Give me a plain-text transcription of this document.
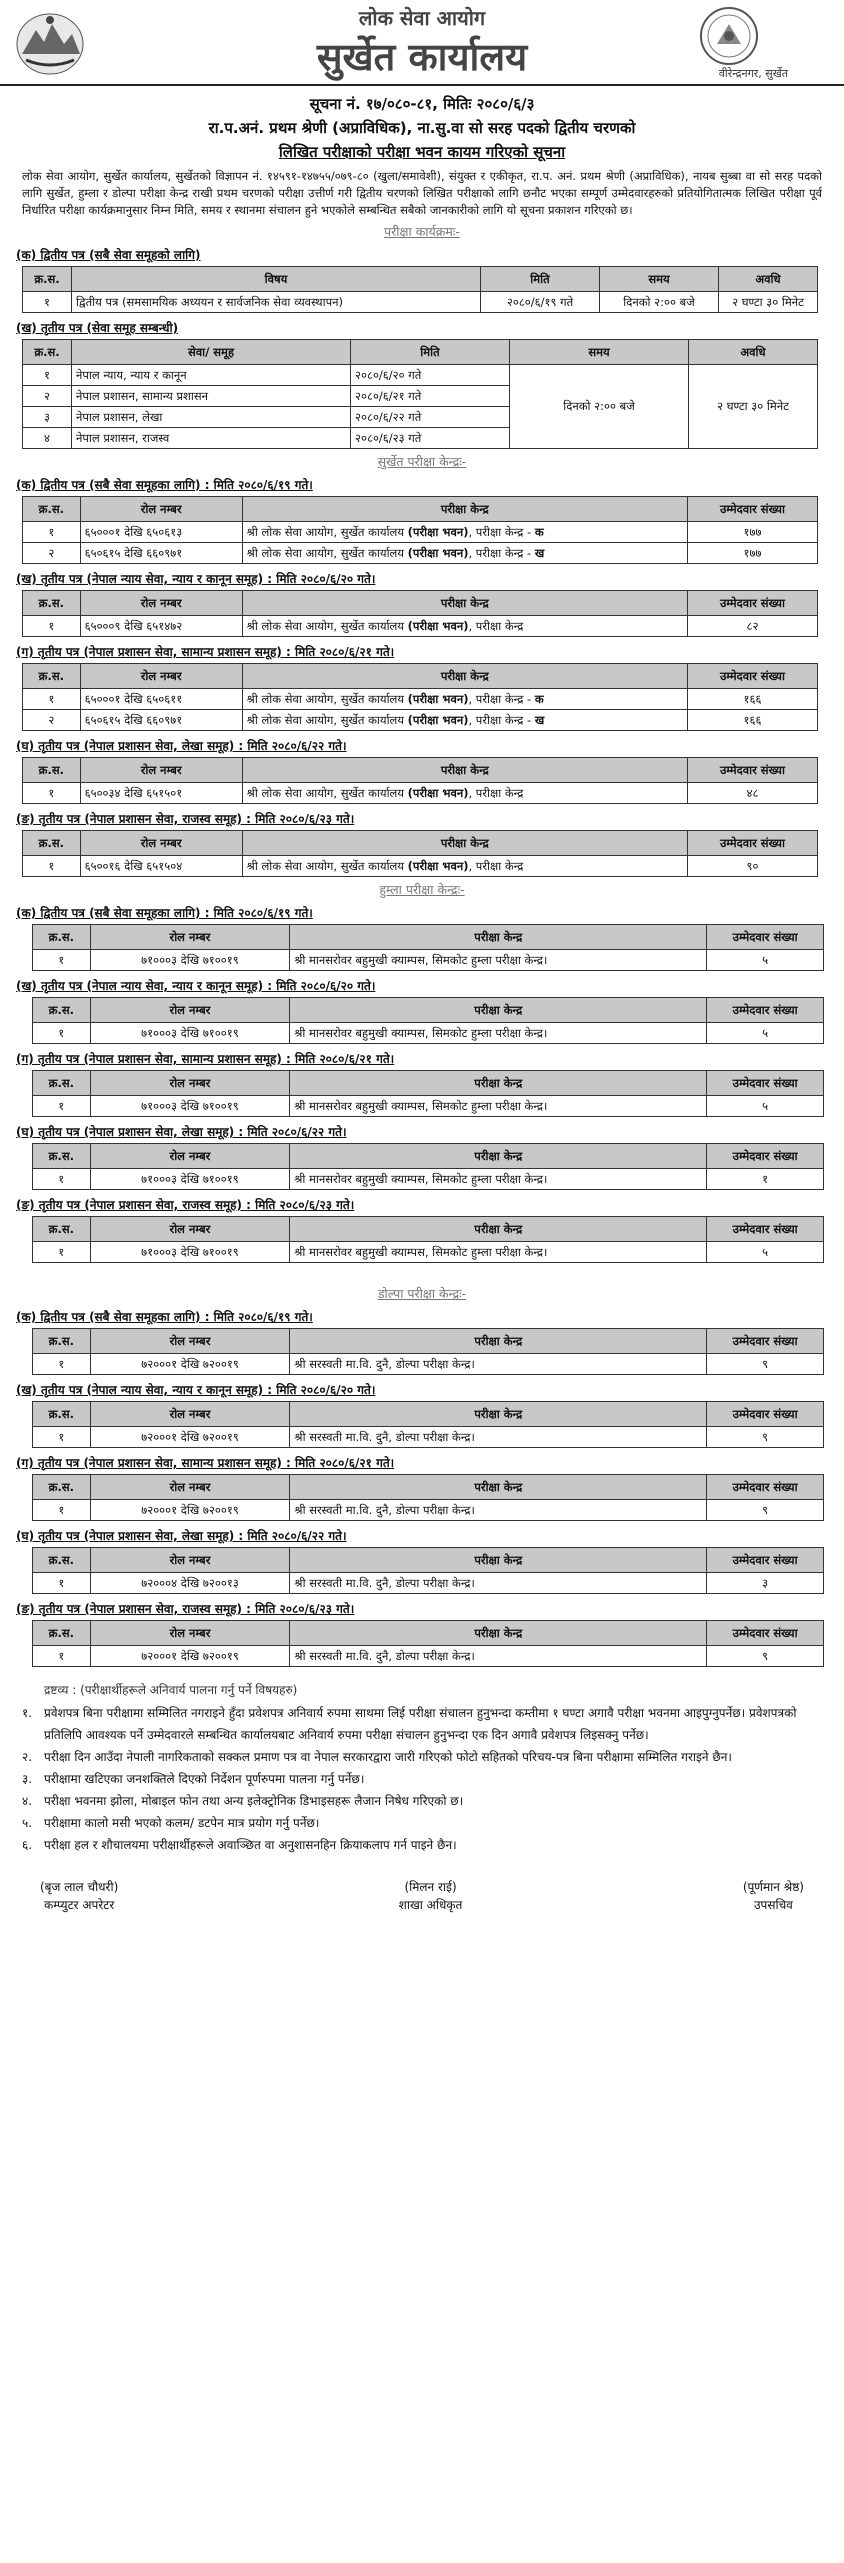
लोक सेवा आयोग
सुर्खेत कार्यालय	वीरेन्द्रनगर, सुर्खेत
सूचना नं. १७/०८०-८१, मितिः २०८०/६/३
रा.प.अनं. प्रथम श्रेणी (अप्राविधिक), ना.सु.वा सो सरह पदको द्वितीय चरणको
लिखित परीक्षाको परीक्षा भवन कायम गरिएको सूचना
लोक सेवा आयोग, सुर्खेत कार्यालय, सुर्खेतको विज्ञापन नं. १४५९१-१४७५५/०७९-८० (खुला/समावेशी), संयुक्त र एकीकृत, रा.प. अनं. प्रथम श्रेणी (अप्राविधिक), नायब सुब्बा वा सो सरह पदको लागि सुर्खेत, हुम्ला र डोल्पा परीक्षा केन्द्र राखी प्रथम चरणको परीक्षा उत्तीर्ण गरी द्वितीय चरणको लिखित परीक्षाको लागि छनौट भएका सम्पूर्ण उम्मेदवारहरुको प्रतियोगितात्मक लिखित परीक्षा पूर्व निर्धारित परीक्षा कार्यक्रमानुसार निम्न मिति, समय र स्थानमा संचालन हुने भएकोले सम्बन्धित सबैको जानकारीको लागि यो सूचना प्रकाशन गरिएको छ।
परीक्षा कार्यक्रमः-
(क) द्वितीय पत्र (सबै सेवा समूहको लागि)
क्र.स.	विषय	मिति	समय	अवधि
१	द्वितीय पत्र (समसामयिक अध्ययन र सार्वजनिक सेवा व्यवस्थापन)	२०८०/६/१९ गते	दिनको २:०० बजे	२ घण्टा ३० मिनेट
(ख) तृतीय पत्र (सेवा समूह सम्बन्धी)
क्र.स.	सेवा/ समूह	मिति	समय	अवधि
१	नेपाल न्याय, न्याय र कानून	२०८०/६/२० गते	दिनको २:०० बजे	२ घण्टा ३० मिनेट
२	नेपाल प्रशासन, सामान्य प्रशासन	२०८०/६/२१ गते		
३	नेपाल प्रशासन, लेखा	२०८०/६/२२ गते		
४	नेपाल प्रशासन, राजस्व	२०८०/६/२३ गते		
सुर्खेत परीक्षा केन्द्रः-
(क) द्वितीय पत्र (सबै सेवा समूहका लागि) : मिति २०८०/६/१९ गते।
क्र.स.	रोल नम्बर	परीक्षा केन्द्र	उम्मेदवार संख्या
१	६५०००१ देखि ६५०६१३	श्री लोक सेवा आयोग, सुर्खेत कार्यालय (परीक्षा भवन), परीक्षा केन्द्र - क	१७७
२	६५०६१५ देखि ६६०९७१	श्री लोक सेवा आयोग, सुर्खेत कार्यालय (परीक्षा भवन), परीक्षा केन्द्र - ख	१७७
(ख) तृतीय पत्र (नेपाल न्याय सेवा, न्याय र कानून समूह) : मिति २०८०/६/२० गते।
क्र.स.	रोल नम्बर	परीक्षा केन्द्र	उम्मेदवार संख्या
१	६५०००९ देखि ६५१४७२	श्री लोक सेवा आयोग, सुर्खेत कार्यालय (परीक्षा भवन), परीक्षा केन्द्र	८२
(ग) तृतीय पत्र (नेपाल प्रशासन सेवा, सामान्य प्रशासन समूह) : मिति २०८०/६/२१ गते।
क्र.स.	रोल नम्बर	परीक्षा केन्द्र	उम्मेदवार संख्या
१	६५०००१ देखि ६५०६११	श्री लोक सेवा आयोग, सुर्खेत कार्यालय (परीक्षा भवन), परीक्षा केन्द्र - क	१६६
२	६५०६१५ देखि ६६०९७१	श्री लोक सेवा आयोग, सुर्खेत कार्यालय (परीक्षा भवन), परीक्षा केन्द्र - ख	१६६
(घ) तृतीय पत्र (नेपाल प्रशासन सेवा, लेखा समूह) : मिति २०८०/६/२२ गते।
क्र.स.	रोल नम्बर	परीक्षा केन्द्र	उम्मेदवार संख्या
१	६५००३४ देखि ६५१५०१	श्री लोक सेवा आयोग, सुर्खेत कार्यालय (परीक्षा भवन), परीक्षा केन्द्र	४८
(ङ) तृतीय पत्र (नेपाल प्रशासन सेवा, राजस्व समूह) : मिति २०८०/६/२३ गते।
क्र.स.	रोल नम्बर	परीक्षा केन्द्र	उम्मेदवार संख्या
१	६५००१६ देखि ६५१५०४	श्री लोक सेवा आयोग, सुर्खेत कार्यालय (परीक्षा भवन), परीक्षा केन्द्र	९०
हुम्ला परीक्षा केन्द्रः-
(क) द्वितीय पत्र (सबै सेवा समूहका लागि) : मिति २०८०/६/१९ गते।
क्र.स.	रोल नम्बर	परीक्षा केन्द्र	उम्मेदवार संख्या
१	७१०००३ देखि ७१००१९	श्री मानसरोवर बहुमुखी क्याम्पस, सिमकोट हुम्ला परीक्षा केन्द्र।	५
(ख) तृतीय पत्र (नेपाल न्याय सेवा, न्याय र कानून समूह) : मिति २०८०/६/२० गते।
क्र.स.	रोल नम्बर	परीक्षा केन्द्र	उम्मेदवार संख्या
१	७१०००३ देखि ७१००१९	श्री मानसरोवर बहुमुखी क्याम्पस, सिमकोट हुम्ला परीक्षा केन्द्र।	५
(ग) तृतीय पत्र (नेपाल प्रशासन सेवा, सामान्य प्रशासन समूह) : मिति २०८०/६/२१ गते।
क्र.स.	रोल नम्बर	परीक्षा केन्द्र	उम्मेदवार संख्या
१	७१०००३ देखि ७१००१९	श्री मानसरोवर बहुमुखी क्याम्पस, सिमकोट हुम्ला परीक्षा केन्द्र।	५
(घ) तृतीय पत्र (नेपाल प्रशासन सेवा, लेखा समूह) : मिति २०८०/६/२२ गते।
क्र.स.	रोल नम्बर	परीक्षा केन्द्र	उम्मेदवार संख्या
१	७१०००३ देखि ७१००१९	श्री मानसरोवर बहुमुखी क्याम्पस, सिमकोट हुम्ला परीक्षा केन्द्र।	१
(ङ) तृतीय पत्र (नेपाल प्रशासन सेवा, राजस्व समूह) : मिति २०८०/६/२३ गते।
क्र.स.	रोल नम्बर	परीक्षा केन्द्र	उम्मेदवार संख्या
१	७१०००३ देखि ७१००१९	श्री मानसरोवर बहुमुखी क्याम्पस, सिमकोट हुम्ला परीक्षा केन्द्र।	५
डोल्पा परीक्षा केन्द्रः-
(क) द्वितीय पत्र (सबै सेवा समूहका लागि) : मिति २०८०/६/१९ गते।
क्र.स.	रोल नम्बर	परीक्षा केन्द्र	उम्मेदवार संख्या
१	७२०००१ देखि ७२००१९	श्री सरस्वती मा.वि. दुनै, डोल्पा परीक्षा केन्द्र।	९
(ख) तृतीय पत्र (नेपाल न्याय सेवा, न्याय र कानून समूह) : मिति २०८०/६/२० गते।
क्र.स.	रोल नम्बर	परीक्षा केन्द्र	उम्मेदवार संख्या
१	७२०००१ देखि ७२००१९	श्री सरस्वती मा.वि. दुनै, डोल्पा परीक्षा केन्द्र।	९
(ग) तृतीय पत्र (नेपाल प्रशासन सेवा, सामान्य प्रशासन समूह) : मिति २०८०/६/२१ गते।
क्र.स.	रोल नम्बर	परीक्षा केन्द्र	उम्मेदवार संख्या
१	७२०००१ देखि ७२००१९	श्री सरस्वती मा.वि. दुनै, डोल्पा परीक्षा केन्द्र।	९
(घ) तृतीय पत्र (नेपाल प्रशासन सेवा, लेखा समूह) : मिति २०८०/६/२२ गते।
क्र.स.	रोल नम्बर	परीक्षा केन्द्र	उम्मेदवार संख्या
१	७२०००४ देखि ७२००१३	श्री सरस्वती मा.वि. दुनै, डोल्पा परीक्षा केन्द्र।	३
(ङ) तृतीय पत्र (नेपाल प्रशासन सेवा, राजस्व समूह) : मिति २०८०/६/२३ गते।
क्र.स.	रोल नम्बर	परीक्षा केन्द्र	उम्मेदवार संख्या
१	७२०००१ देखि ७२००१९	श्री सरस्वती मा.वि. दुनै, डोल्पा परीक्षा केन्द्र।	९
द्रष्टव्य : (परीक्षार्थीहरूले अनिवार्य पालना गर्नु पर्ने विषयहरु)
१. प्रवेशपत्र बिना परीक्षामा सम्मिलित नगराइने हुँदा प्रवेशपत्र अनिवार्य रुपमा साथमा लिई परीक्षा संचालन हुनुभन्दा कम्तीमा १ घण्टा अगावै परीक्षा भवनमा आइपुग्नुपर्नेछ। प्रवेशपत्रको प्रतिलिपि आवश्यक पर्ने उम्मेदवारले सम्बन्धित कार्यालयबाट अनिवार्य रुपमा परीक्षा संचालन हुनुभन्दा एक दिन अगावै प्रवेशपत्र लिइसक्नु पर्नेछ।
२. परीक्षा दिन आउँदा नेपाली नागरिकताको सक्कल प्रमाण पत्र वा नेपाल सरकारद्वारा जारी गरिएको फोटो सहितको परिचय-पत्र बिना परीक्षामा सम्मिलित गराइने छैन।
३. परीक्षामा खटिएका जनशक्तिले दिएको निर्देशन पूर्णरुपमा पालना गर्नु पर्नेछ।
४. परीक्षा भवनमा झोला, मोबाइल फोन तथा अन्य इलेक्ट्रोनिक डिभाइसहरू लैजान निषेध गरिएको छ।
५. परीक्षामा कालो मसी भएको कलम/ डटपेन मात्र प्रयोग गर्नु पर्नेछ।
६. परीक्षा हल र शौचालयमा परीक्षार्थीहरूले अवाञ्छित वा अनुशासनहिन क्रियाकलाप गर्न पाइने छैन।
(बृज लाल चौधरी)
कम्प्युटर अपरेटर
(मिलन राई)
शाखा अधिकृत
(पूर्णमान श्रेष्ठ)
उपसचिव
